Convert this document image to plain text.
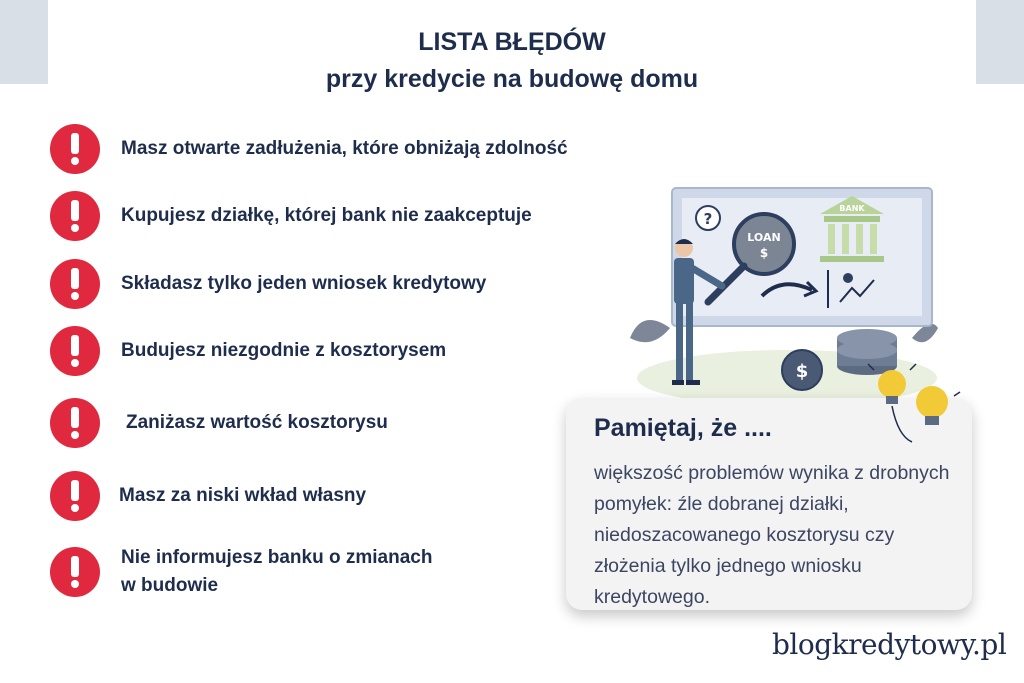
LISTA BŁĘDÓW
przy kredycie na budowę domu
Masz otwarte zadłużenia, które obniżają zdolność
Kupujesz działkę, której bank nie zaakceptuje
Składasz tylko jeden wniosek kredytowy
Budujesz niezgodnie z kosztorysem
Zaniżasz wartość kosztorysu
Masz za niski wkład własny
Nie informujesz banku o zmianach
w budowie
?
BANK
LOAN
$
$
Pamiętaj, że ....
większość problemów wynika z drobnych pomyłek: źle dobranej działki, niedoszacowanego kosztorysu czy złożenia tylko jednego wniosku kredytowego.
blogkredytowy.pl
